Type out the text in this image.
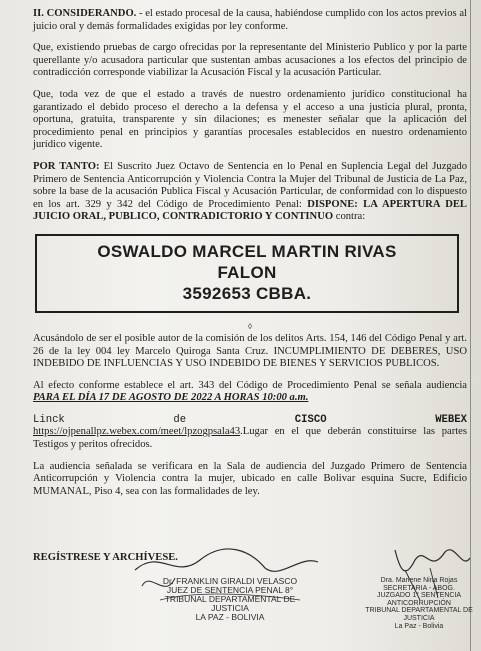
II. CONSIDERANDO. - el estado procesal de la causa, habiéndose cumplido con los actos previos al juicio oral y demás formalidades exigidas por ley conforme.

Que, existiendo pruebas de cargo ofrecidas por la representante del Ministerio Publico y por la parte querellante y/o acusadora particular que sustentan ambas acusaciones a los efectos del principio de contradicción corresponde viabilizar la Acusación Fiscal y la acusación Particular.

Que, toda vez de que el estado a través de nuestro ordenamiento jurídico constitucional ha garantizado el debido proceso el derecho a la defensa y el acceso a una justicia plural, pronta, oportuna, gratuita, transparente y sin dilaciones; es menester señalar que la aplicación del procedimiento penal en principios y garantías procesales establecidos en nuestro ordenamiento jurídico vigente.

POR TANTO: El Suscrito Juez Octavo de Sentencia en lo Penal en Suplencia Legal del Juzgado Primero de Sentencia Anticorrupción y Violencia Contra la Mujer del Tribunal de Justicia de La Paz, sobre la base de la acusación Publica Fiscal y Acusación Particular, de conformidad con lo dispuesto en los art. 329 y 342 del Código de Procedimiento Penal: DISPONE: LA APERTURA DEL JUICIO ORAL, PUBLICO, CONTRADICTORIO Y CONTINUO contra:

OSWALDO MARCEL MARTIN RIVAS
FALON
3592653 CBBA.
◊

Acusándolo de ser el posible autor de la comisión de los delitos Arts. 154, 146 del Código Penal y art. 26 de la ley 004 ley Marcelo Quiroga Santa Cruz. INCUMPLIMIENTO DE DEBERES, USO INDEBIDO DE INFLUENCIAS Y USO INDEBIDO DE BIENES Y SERVICIOS PUBLICOS.

Al efecto conforme establece el art. 343 del Código de Procedimiento Penal se señala audiencia PARA EL DÍA 17 DE AGOSTO DE 2022 A HORAS 10:00 a.m.

Linck	de	CISCO	WEBEX
https://ojpenallpz.webex.com/meet/lpzogpsala43.Lugar en el que deberán constituirse las partes Testigos y peritos ofrecidos.

La audiencia señalada se verificara en la Sala de audiencia del Juzgado Primero de Sentencia Anticorrupción y Violencia contra la mujer, ubicado en calle Bolivar esquina Sucre, Edificio MUMANAL, Piso 4, sea con las formalidades de ley.

REGÍSTRESE Y ARCHÍVESE.
Dr. FRANKLIN GIRALDI VELASCO
JUEZ DE SENTENCIA PENAL 8°
TRIBUNAL DEPARTAMENTAL DE JUSTICIA
LA PAZ - BOLIVIA
Dra. Marlene Nina Rojas
SECRETARIA - ABOG.
JUZGADO 1° SENTENCIA ANTICORRUPCIÓN
TRIBUNAL DEPARTAMENTAL DE JUSTICIA
La Paz - Bolivia
